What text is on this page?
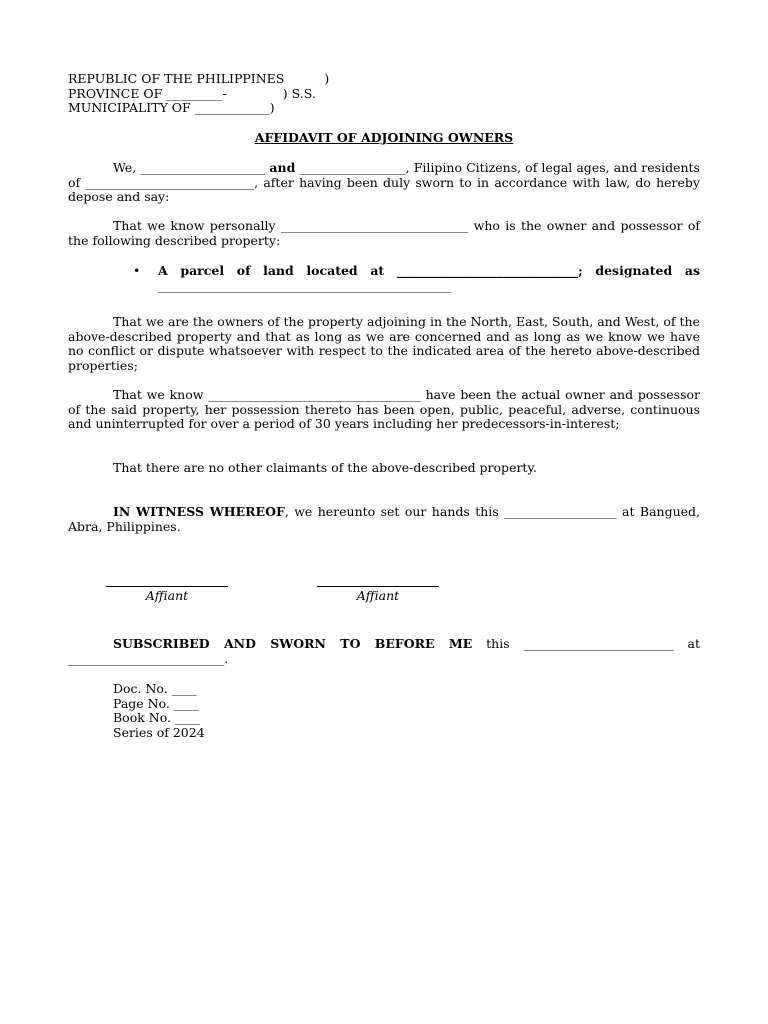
REPUBLIC OF THE PHILIPPINES	)
PROVINCE OF _________-	) S.S.
MUNICIPALITY OF ____________)
AFFIDAVIT OF ADJOINING OWNERS
We, ____________________ and _________________, Filipino Citizens, of legal ages, and residents of ___________________________, after having been duly sworn to in accordance with law, do hereby depose and say:
That we know personally ______________________________ who is the owner and possessor of the following described property:
• A parcel of land located at _____________________________; designated as
_______________________________________________
That we are the owners of the property adjoining in the North, East, South, and West, of the above-described property and that as long as we are concerned and as long as we know we have no conflict or dispute whatsoever with respect to the indicated area of the hereto above-described properties;
That we know __________________________________ have been the actual owner and possessor of the said property, her possession thereto has been open, public, peaceful, adverse, continuous and uninterrupted for over a period of 30 years including her predecessors-in-interest;
That there are no other claimants of the above-described property.
IN WITNESS WHEREOF, we hereunto set our hands this __________________ at Bangued, Abra, Philippines.
Affiant	Affiant
SUBSCRIBED AND SWORN TO BEFORE ME this ________________________ at _________________________.
Doc. No. ____
Page No. ____
Book No. ____
Series of 2024
